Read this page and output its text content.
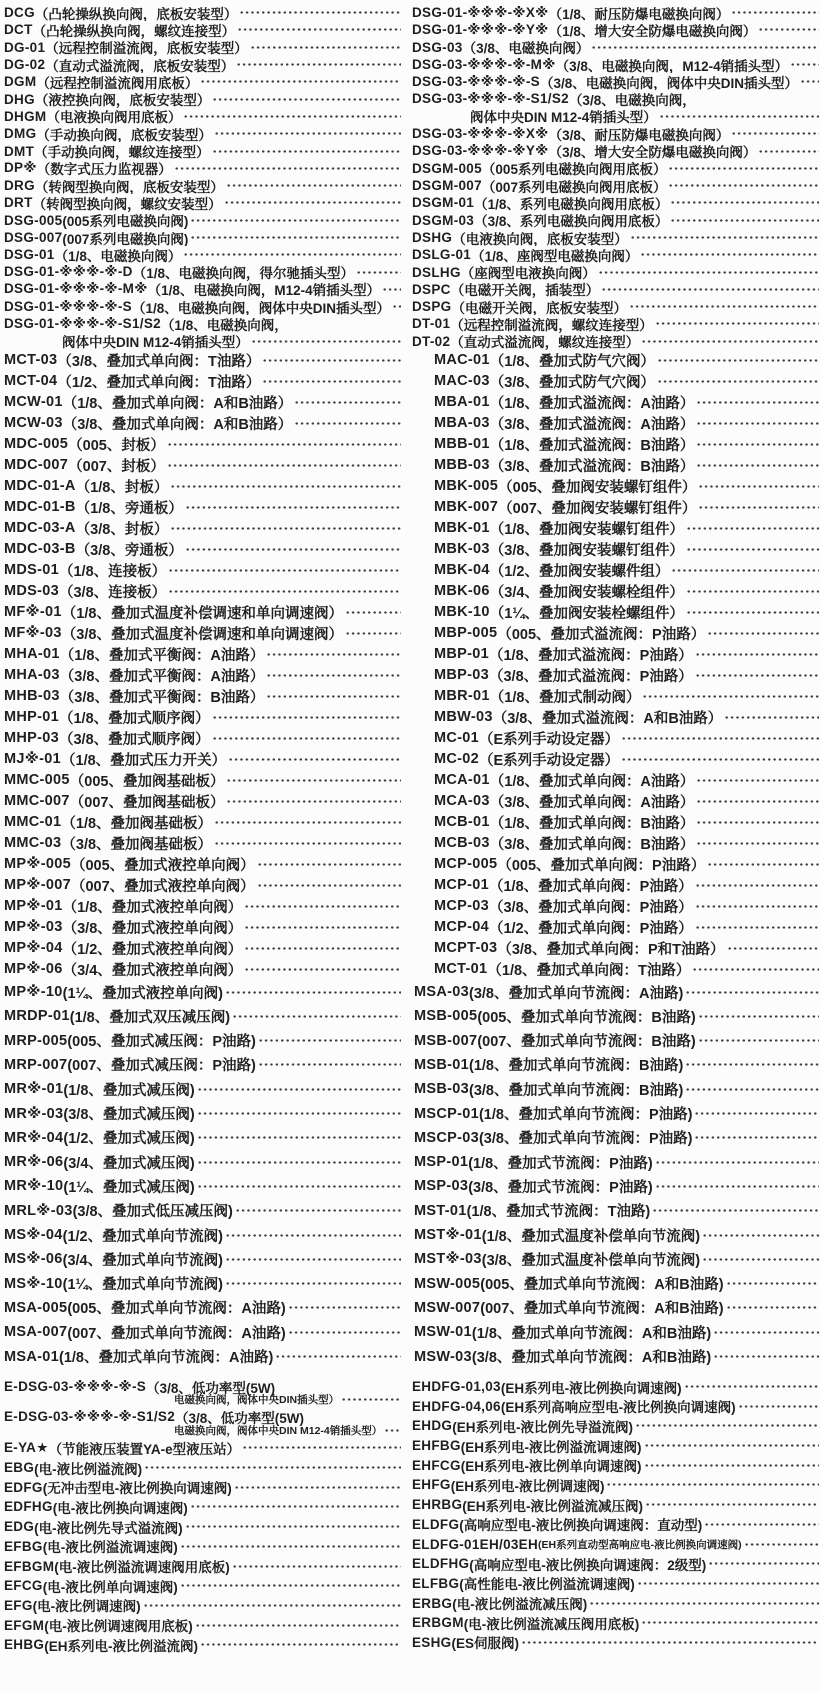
DCG （凸轮操纵换向阀，底板安装型）
DCT （凸轮操纵换向阀，螺纹连接型）
DG-01 （远程控制溢流阀，底板安装型）
DG-02 （直动式溢流阀，底板安装型）
DGM （远程控制溢流阀用底板）
DHG （液控换向阀，底板安装型）
DHGM （电液换向阀用底板）
DMG （手动换向阀，底板安装型）
DMT （手动换向阀，螺纹连接型）
DP※ （数字式压力监视器）
DRG （转阀型换向阀，底板安装型）
DRT （转阀型换向阀，螺纹安装型）
DSG-005 (005系列电磁换向阀)
DSG-007 (007系列电磁换向阀)
DSG-01 （1/8、电磁换向阀）
DSG-01-※※※-※-D （1/8、电磁换向阀，得尔驰插头型）
DSG-01-※※※-※-M※ （1/8、电磁换向阀，M12-4销插头型）
DSG-01-※※※-※-S （1/8、电磁换向阀，阀体中央DIN插头型）
DSG-01-※※※-※-S1/S2 （1/8、电磁换向阀，
阀体中央DIN M12-4销插头型）
MCT-03 （3/8、叠加式单向阀：T油路）
MCT-04 （1/2、叠加式单向阀：T油路）
MCW-01 （1/8、叠加式单向阀：A和B油路）
MCW-03 （3/8、叠加式单向阀：A和B油路）
MDC-005 （005、封板）
MDC-007 （007、封板）
MDC-01-A （1/8、封板）
MDC-01-B （1/8、旁通板）
MDC-03-A （3/8、封板）
MDC-03-B （3/8、旁通板）
MDS-01 （1/8、连接板）
MDS-03 （3/8、连接板）
MF※-01 （1/8、叠加式温度补偿调速和单向调速阀）
MF※-03 （3/8、叠加式温度补偿调速和单向调速阀）
MHA-01 （1/8、叠加式平衡阀：A油路）
MHA-03 （3/8、叠加式平衡阀：A油路）
MHB-03 （3/8、叠加式平衡阀：B油路）
MHP-01 （1/8、叠加式顺序阀）
MHP-03 （3/8、叠加式顺序阀）
MJ※-01 （1/8、叠加式压力开关）
MMC-005 （005、叠加阀基础板）
MMC-007 （007、叠加阀基础板）
MMC-01 （1/8、叠加阀基础板）
MMC-03 （3/8、叠加阀基础板）
MP※-005 （005、叠加式液控单向阀）
MP※-007 （007、叠加式液控单向阀）
MP※-01 （1/8、叠加式液控单向阀）
MP※-03 （3/8、叠加式液控单向阀）
MP※-04 （1/2、叠加式液控单向阀）
MP※-06 （3/4、叠加式液控单向阀）
MP※-10 (1¼、叠加式液控单向阀)
MRDP-01 (1/8、叠加式双压减压阀)
MRP-005 (005、叠加式减压阀：P油路)
MRP-007 (007、叠加式减压阀：P油路)
MR※-01 (1/8、叠加式减压阀)
MR※-03 (3/8、叠加式减压阀)
MR※-04 (1/2、叠加式减压阀)
MR※-06 (3/4、叠加式减压阀)
MR※-10 (1¼、叠加式减压阀)
MRL※-03 (3/8、叠加式低压减压阀)
MS※-04 (1/2、叠加式单向节流阀)
MS※-06 (3/4、叠加式单向节流阀)
MS※-10 (1¼、叠加式单向节流阀)
MSA-005 (005、叠加式单向节流阀：A油路)
MSA-007 (007、叠加式单向节流阀：A油路)
MSA-01 (1/8、叠加式单向节流阀：A油路)
E-DSG-03-※※※-※-S （3/8、低功率型(5W)
电磁换向阀，阀体中央DIN插头型）
E-DSG-03-※※※-※-S1/S2 （3/8、低功率型(5W)
电磁换向阀，阀体中央DIN M12-4销插头型）
E-YA★ （节能液压装置YA-e型液压站）
EBG (电-液比例溢流阀)
EDFG (无冲击型电-液比例换向调速阀)
EDFHG (电-液比例换向调速阀)
EDG (电-液比例先导式溢流阀)
EFBG (电-液比例溢流调速阀)
EFBGM (电-液比例溢流调速阀用底板)
EFCG (电-液比例单向调速阀)
EFG (电-液比例调速阀)
EFGM (电-液比例调速阀用底板)
EHBG (EH系列电-液比例溢流阀)
DSG-01-※※※-※X※ （1/8、耐压防爆电磁换向阀）
DSG-01-※※※-※Y※ （1/8、增大安全防爆电磁换向阀）
DSG-03 （3/8、电磁换向阀）
DSG-03-※※※-※-M※ （3/8、电磁换向阀，M12-4销插头型）
DSG-03-※※※-※-S （3/8、电磁换向阀，阀体中央DIN插头型）
DSG-03-※※※-※-S1/S2 （3/8、电磁换向阀，
阀体中央DIN M12-4销插头型）
DSG-03-※※※-※X※ （3/8、耐压防爆电磁换向阀）
DSG-03-※※※-※Y※ （3/8、增大安全防爆电磁换向阀）
DSGM-005 （005系列电磁换向阀用底板）
DSGM-007 （007系列电磁换向阀用底板）
DSGM-01 （1/8、系列电磁换向阀用底板）
DSGM-03 （3/8、系列电磁换向阀用底板）
DSHG （电液换向阀，底板安装型）
DSLG-01 （1/8、座阀型电磁换向阀）
DSLHG （座阀型电液换向阀）
DSPC （电磁开关阀，插装型）
DSPG （电磁开关阀，底板安装型）
DT-01 （远程控制溢流阀，螺纹连接型）
DT-02 （直动式溢流阀，螺纹连接型）
MAC-01 （1/8、叠加式防气穴阀）
MAC-03 （3/8、叠加式防气穴阀）
MBA-01 （1/8、叠加式溢流阀：A油路）
MBA-03 （3/8、叠加式溢流阀：A油路）
MBB-01 （1/8、叠加式溢流阀：B油路）
MBB-03 （3/8、叠加式溢流阀：B油路）
MBK-005 （005、叠加阀安装螺钉组件）
MBK-007 （007、叠加阀安装螺钉组件）
MBK-01 （1/8、叠加阀安装螺钉组件）
MBK-03 （3/8、叠加阀安装螺钉组件）
MBK-04 （1/2、叠加阀安装螺件组）
MBK-06 （3/4、叠加阀安装螺栓组件）
MBK-10 （1¼、叠加阀安装栓螺组件）
MBP-005 （005、叠加式溢流阀：P油路）
MBP-01 （1/8、叠加式溢流阀：P油路）
MBP-03 （3/8、叠加式溢流阀：P油路）
MBR-01 （1/8、叠加式制动阀）
MBW-03 （3/8、叠加式溢流阀：A和B油路）
MC-01 （E系列手动设定器）
MC-02 （E系列手动设定器）
MCA-01 （1/8、叠加式单向阀：A油路）
MCA-03 （3/8、叠加式单向阀：A油路）
MCB-01 （1/8、叠加式单向阀：B油路）
MCB-03 （3/8、叠加式单向阀：B油路）
MCP-005 （005、叠加式单向阀：P油路）
MCP-01 （1/8、叠加式单向阀：P油路）
MCP-03 （3/8、叠加式单向阀：P油路）
MCP-04 （1/2、叠加式单向阀：P油路）
MCPT-03 （3/8、叠加式单向阀：P和T油路）
MCT-01 （1/8、叠加式单向阀：T油路）
MSA-03 (3/8、叠加式单向节流阀：A油路)
MSB-005 (005、叠加式单向节流阀：B油路)
MSB-007 (007、叠加式单向节流阀：B油路)
MSB-01 (1/8、叠加式单向节流阀：B油路)
MSB-03 (3/8、叠加式单向节流阀：B油路)
MSCP-01 (1/8、叠加式单向节流阀：P油路)
MSCP-03 (3/8、叠加式单向节流阀：P油路)
MSP-01 (1/8、叠加式节流阀：P油路)
MSP-03 (3/8、叠加式节流阀：P油路)
MST-01 (1/8、叠加式节流阀：T油路)
MST※-01 (1/8、叠加式温度补偿单向节流阀)
MST※-03 (3/8、叠加式温度补偿单向节流阀)
MSW-005 (005、叠加式单向节流阀：A和B油路)
MSW-007 (007、叠加式单向节流阀：A和B油路)
MSW-01 (1/8、叠加式单向节流阀：A和B油路)
MSW-03 (3/8、叠加式单向节流阀：A和B油路)
EHDFG-01,03 (EH系列电-液比例换向调速阀)
EHDFG-04,06 (EH系列高响应型电-液比例换向调速阀)
EHDG (EH系列电-液比例先导溢流阀)
EHFBG (EH系列电-液比例溢流调速阀)
EHFCG (EH系列电-液比例单向调速阀)
EHFG (EH系列电-液比例调速阀)
EHRBG (EH系列电-液比例溢流减压阀)
ELDFG (高响应型电-液比例换向调速阀：直动型)
ELDFG-01EH/03EH (EH系列直动型高响应电-液比例换向调速阀)
ELDFHG (高响应型电-液比例换向调速阀：2级型)
ELFBG (高性能电-液比例溢流调速阀)
ERBG (电-液比例溢流减压阀)
ERBGM (电-液比例溢流减压阀用底板)
ESHG (ES伺服阀)
